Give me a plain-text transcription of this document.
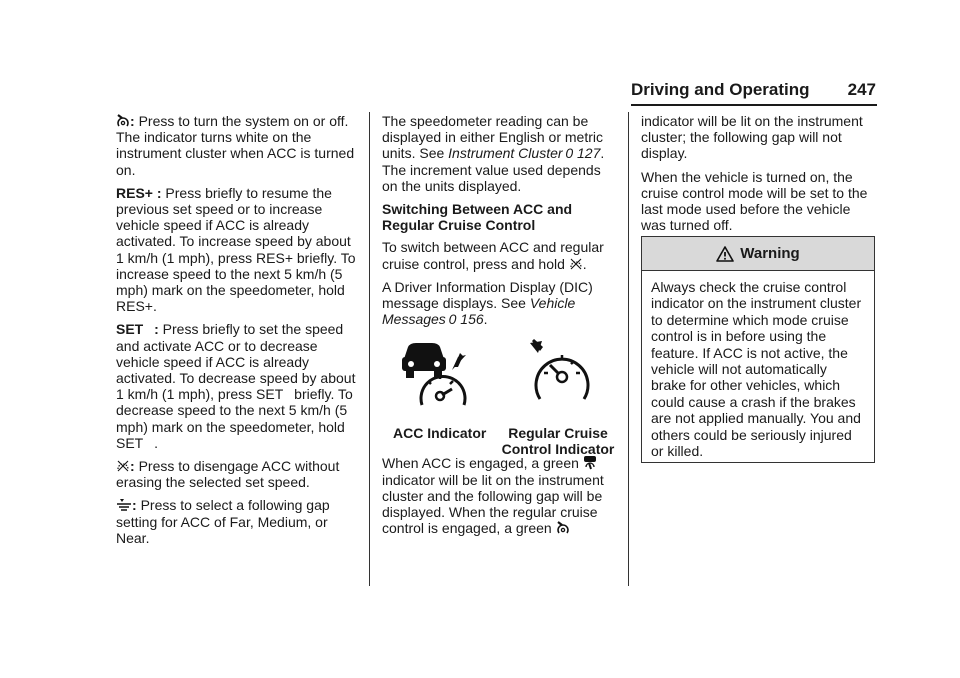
Driving and Operating 247

: Press to turn the system on or off. The indicator turns white on the instrument cluster when ACC is turned on.

RES+ : Press briefly to resume the previous set speed or to increase vehicle speed if ACC is already activated. To increase speed by about 1 km/h (1 mph), press RES+ briefly. To increase speed to the next 5 km/h (5 mph) mark on the speedometer, hold RES+.

SET  : Press briefly to set the speed and activate ACC or to decrease vehicle speed if ACC is already activated. To decrease speed by about 1 km/h (1 mph), press SET  briefly. To decrease speed to the next 5 km/h (5 mph) mark on the speedometer, hold SET  .

: Press to disengage ACC without erasing the selected set speed.

: Press to select a following gap setting for ACC of Far, Medium, or Near.

The speedometer reading can be displayed in either English or metric units. See Instrument Cluster  0 127. The increment value used depends on the units displayed.

Switching Between ACC and Regular Cruise Control

To switch between ACC and regular cruise control, press and hold .

A Driver Information Display (DIC) message displays. See Vehicle Messages  0 156.

ACC Indicator	Regular Cruise Control Indicator

When ACC is engaged, a green
indicator will be lit on the instrument cluster and the following gap will be displayed. When the regular cruise control is engaged, a green

indicator will be lit on the instrument cluster; the following gap will not display.

When the vehicle is turned on, the cruise control mode will be set to the last mode used before the vehicle was turned off.

Warning
Always check the cruise control indicator on the instrument cluster to determine which mode cruise control is in before using the feature. If ACC is not active, the vehicle will not automatically brake for other vehicles, which could cause a crash if the brakes are not applied manually. You and others could be seriously injured or killed.
